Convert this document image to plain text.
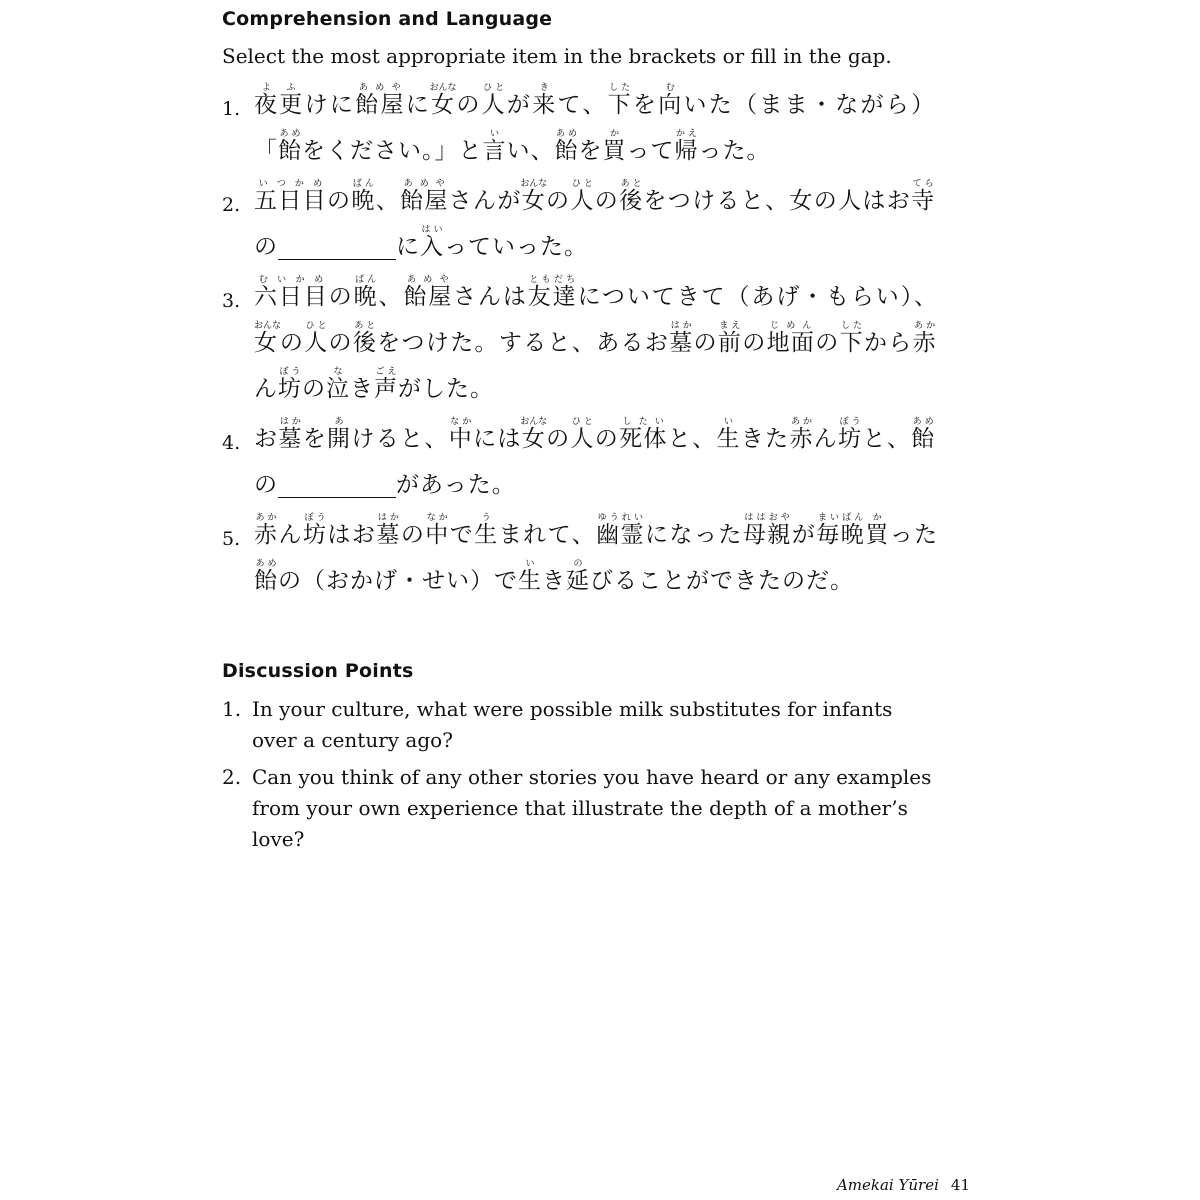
Comprehension and Language

Select the most appropriate item in the brackets or fill in the gap.

1. 夜更よふけに飴屋あめやに女おんなの人ひとが来きて、下したを向むいた（まま・ながら）「飴あめをください。」と言いい、飴あめを買かって帰かえった。

2. 五日目いつかめの晩ばん、飴屋あめやさんが女おんなの人ひとの後あとをつけると、女の人はお寺てらの	に入はいっていった。

3. 六日目むいかめの晩ばん、飴屋あめやさんは友達ともだちについてきて（あげ・もらい）、女おんなの人ひとの後あとをつけた。すると、あるお墓はかの前まえの地面じめんの下したから赤あかん坊ぼうの泣なき声ごえがした。

4. お墓はかを開あけると、中なかには女おんなの人ひとの死体したいと、生いきた赤あかん坊ぼうと、飴あめの	があった。

5. 赤あかん坊ぼうはお墓はかの中なかで生うまれて、幽霊ゆうれいになった母親ははおやが毎晩まいばん買かった飴あめの（おかげ・せい）で生いき延のびることができたのだ。

Discussion Points
1. In your culture, what were possible milk substitutes for infants over a century ago?
2. Can you think of any other stories you have heard or any examples from your own experience that illustrate the depth of a mother’s love?
Amekai Yūrei 41
